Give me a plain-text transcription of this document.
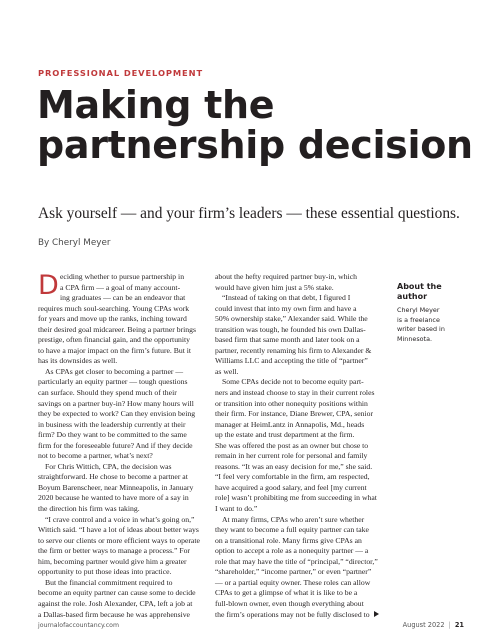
PROFESSIONAL DEVELOPMENT
Making the
partnership decision
Ask yourself — and your firm’s leaders — these essential questions.
By Cheryl Meyer
D eciding whether to pursue partnership in
a CPA firm — a goal of many account-
ing graduates — can be an endeavor that
requires much soul-searching. Young CPAs work
for years and move up the ranks, inching toward
their desired goal midcareer. Being a partner brings
prestige, often financial gain, and the opportunity
to have a major impact on the firm’s future. But it
has its downsides as well.
As CPAs get closer to becoming a partner —
particularly an equity partner — tough questions
can surface. Should they spend much of their
savings on a partner buy-in? How many hours will
they be expected to work? Can they envision being
in business with the leadership currently at their
firm? Do they want to be committed to the same
firm for the foreseeable future? And if they decide
not to become a partner, what’s next?
For Chris Wittich, CPA, the decision was
straightforward. He chose to become a partner at
Boyum Barenscheer, near Minneapolis, in January
2020 because he wanted to have more of a say in
the direction his firm was taking.
“I crave control and a voice in what’s going on,”
Wittich said. “I have a lot of ideas about better ways
to serve our clients or more efficient ways to operate
the firm or better ways to manage a process.” For
him, becoming partner would give him a greater
opportunity to put those ideas into practice.
But the financial commitment required to
become an equity partner can cause some to decide
against the role. Josh Alexander, CPA, left a job at
a Dallas-based firm because he was apprehensive
about the hefty required partner buy-in, which
would have given him just a 5% stake.
“Instead of taking on that debt, I figured I
could invest that into my own firm and have a
50% ownership stake,” Alexander said. While the
transition was tough, he founded his own Dallas-
based firm that same month and later took on a
partner, recently renaming his firm to Alexander &
Williams LLC and accepting the title of “partner”
as well.
Some CPAs decide not to become equity part-
ners and instead choose to stay in their current roles
or transition into other nonequity positions within
their firm. For instance, Diane Brewer, CPA, senior
manager at HeimLantz in Annapolis, Md., heads
up the estate and trust department at the firm.
She was offered the post as an owner but chose to
remain in her current role for personal and family
reasons. “It was an easy decision for me,” she said.
“I feel very comfortable in the firm, am respected,
have acquired a good salary, and feel [my current
role] wasn’t prohibiting me from succeeding in what
I want to do.”
At many firms, CPAs who aren’t sure whether
they want to become a full equity partner can take
on a transitional role. Many firms give CPAs an
option to accept a role as a nonequity partner — a
role that may have the title of “principal,” “director,”
“shareholder,” “income partner,” or even “partner”
— or a partial equity owner. These roles can allow
CPAs to get a glimpse of what it is like to be a
full-blown owner, even though everything about
the firm’s operations may not be fully disclosed to
About the
author
Cheryl Meyer
is a freelance
writer based in
Minnesota.
journalofaccountancy.com	August 2022 | 21
